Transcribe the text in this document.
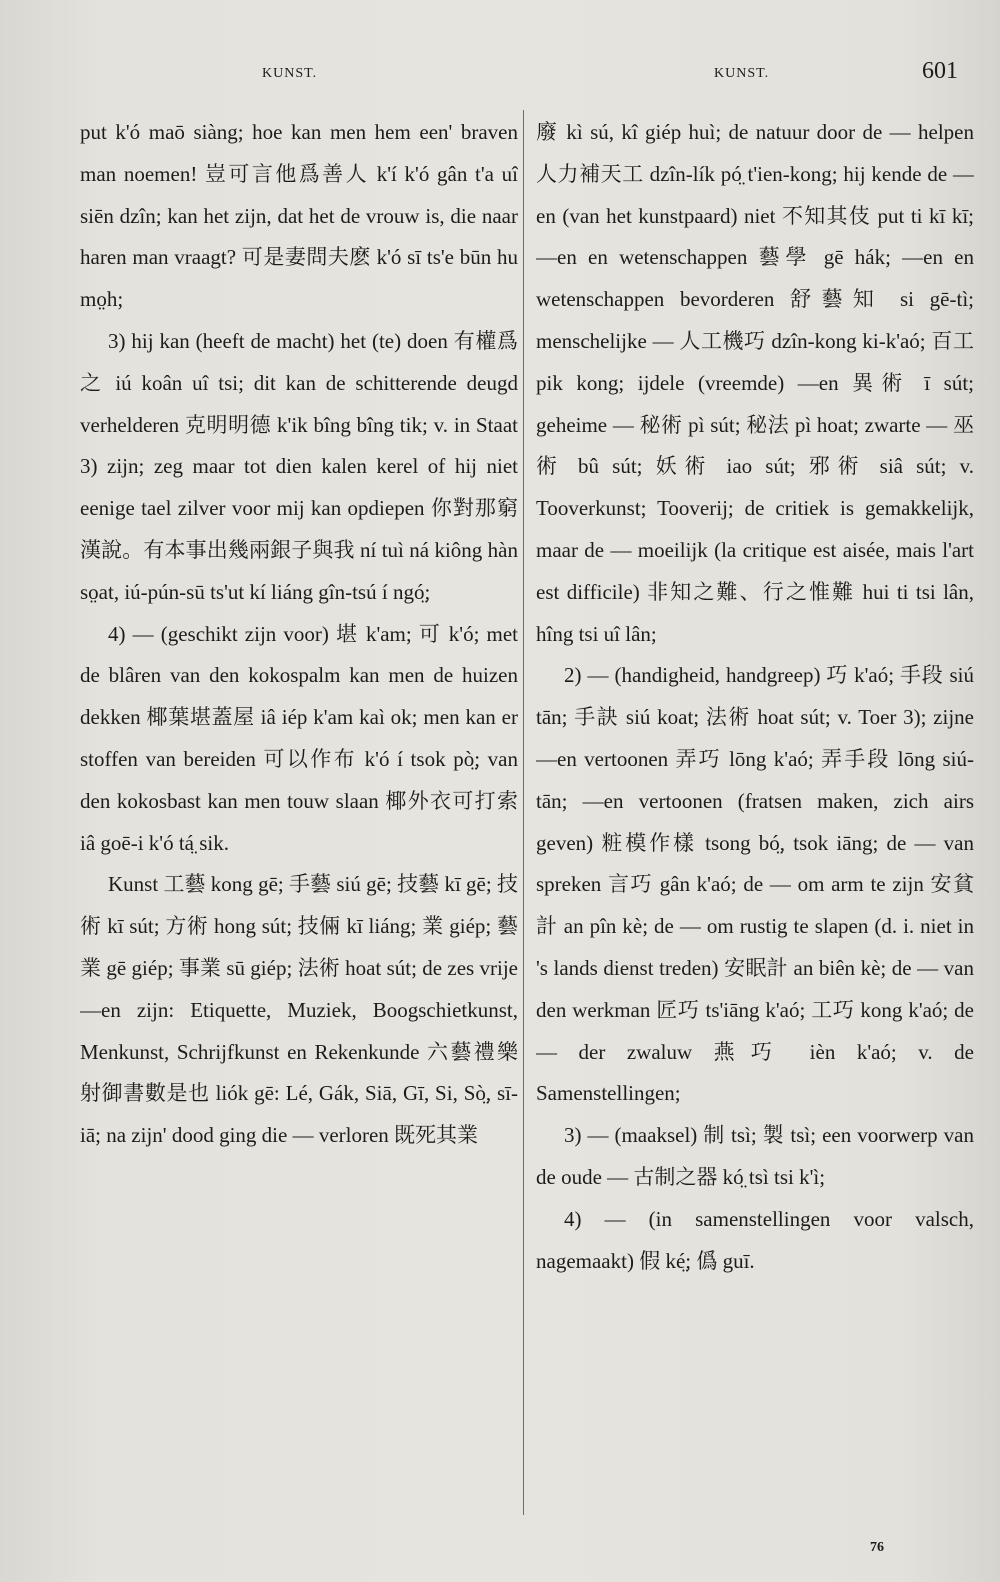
KUNST.	KUNST.	601

put k'ó maō siàng; hoe kan men hem een' braven man noemen! 豈可言他爲善人 k'í k'ó gân t'a uî siēn dzîn; kan het zijn, dat het de vrouw is, die naar haren man vraagt? 可是妻問夫麽 k'ó sī ts'e būn hu mo̤h;

3) hij kan (heeft de macht) het (te) doen 有權爲之 iú koân uî tsi; dit kan de schitterende deugd verhelderen 克明明德 k'ik bîng bîng tik; v. in Staat 3) zijn; zeg maar tot dien kalen kerel of hij niet eenige tael zilver voor mij kan opdiepen 你對那窮漢說。有本事出幾兩銀子與我 ní tuì ná kiông hàn so̤at, iú-pún-sū ts'ut kí liáng gîn-tsú í ngó̤;

4) — (geschikt zijn voor) 堪 k'am; 可 k'ó; met de blâren van den kokospalm kan men de huizen dekken 椰葉堪蓋屋 iâ iép k'am kaì ok; men kan er stoffen van bereiden 可以作布 k'ó í tsok pò̤; van den kokosbast kan men touw slaan 椰外衣可打索 iâ goē-i k'ó tá̤ sik.

Kunst 工藝 kong gē; 手藝 siú gē; 技藝 kī gē; 技術 kī sút; 方術 hong sút; 技倆 kī liáng; 業 giép; 藝業 gē giép; 事業 sū giép; 法術 hoat sút; de zes vrije —en zijn: Etiquette, Muziek, Boogschietkunst, Menkunst, Schrijfkunst en Rekenkunde 六藝禮樂射御書數是也 liók gē: Lé, Gák, Siā, Gī, Si, Sò̤, sī-iā; na zijn' dood ging die — verloren 既死其業

廢 kì sú, kî giép huì; de natuur door de — helpen 人力補天工 dzîn-lík pó̤ t'ien-kong; hij kende de —en (van het kunstpaard) niet 不知其伎 put ti kī kī; —en en wetenschappen 藝學 gē hák; —en en wetenschappen bevorderen 舒藝知 si gē-tì; menschelijke — 人工機巧 dzîn-kong ki-k'aó; 百工 pik kong; ijdele (vreemde) —en 異術 ī sút; geheime — 秘術 pì sút; 秘法 pì hoat; zwarte — 巫術 bû sút; 妖術 iao sút; 邪術 siâ sút; v. Tooverkunst; Tooverij; de critiek is gemakkelijk, maar de — moeilijk (la critique est aisée, mais l'art est difficile) 非知之難、行之惟難 hui ti tsi lân, hîng tsi uî lân;

2) — (handigheid, handgreep) 巧 k'aó; 手段 siú tān; 手訣 siú koat; 法術 hoat sút; v. Toer 3); zijne —en vertoonen 弄巧 lōng k'aó; 弄手段 lōng siú-tān; —en vertoonen (fratsen maken, zich airs geven) 粧模作樣 tsong bó̤, tsok iāng; de — van spreken 言巧 gân k'aó; de — om arm te zijn 安貧計 an pîn kè; de — om rustig te slapen (d. i. niet in 's lands dienst treden) 安眠計 an biên kè; de — van den werkman 匠巧 ts'iāng k'aó; 工巧 kong k'aó; de — der zwaluw 燕巧 ièn k'aó; v. de Samenstellingen;

3) — (maaksel) 制 tsì; 製 tsì; een voorwerp van de oude — 古制之器 kó̤ tsì tsi k'ì;

4) — (in samenstellingen voor valsch, nagemaakt) 假 ké̤; 僞 guī.

76
